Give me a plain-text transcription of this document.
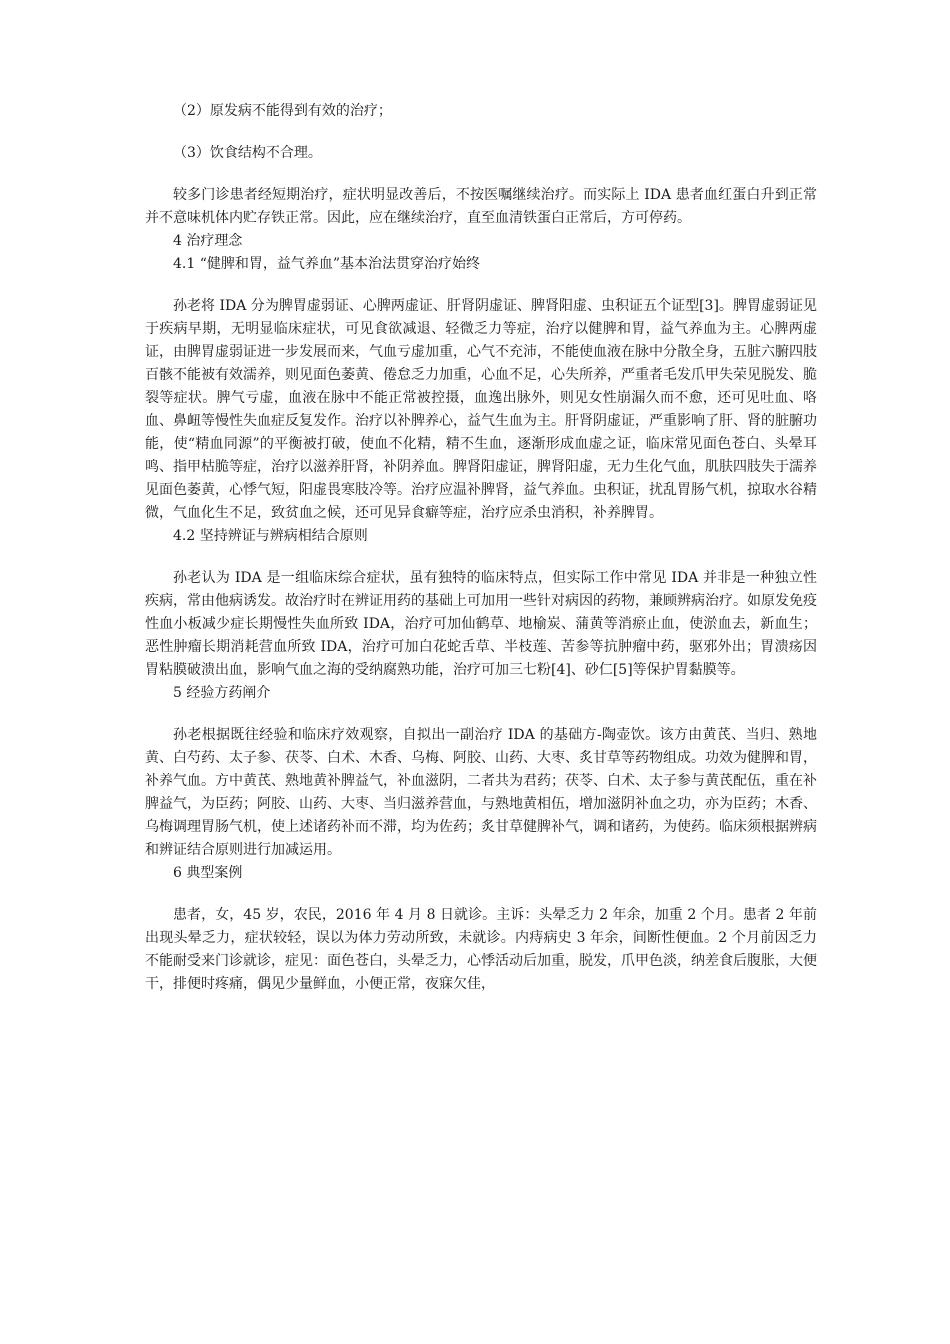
（2）原发病不能得到有效的治疗；

（3）饮食结构不合理。

较多门诊患者经短期治疗，症状明显改善后，不按医嘱继续治疗。而实际上 IDA 患者血红蛋白升到正常并不意味机体内贮存铁正常。因此，应在继续治疗，直至血清铁蛋白正常后，方可停药。

4 治疗理念

4.1 “健脾和胃，益气养血”基本治法贯穿治疗始终

孙老将 IDA 分为脾胃虚弱证、心脾两虚证、肝肾阴虚证、脾肾阳虚、虫积证五个证型[3]。脾胃虚弱证见于疾病早期，无明显临床症状，可见食欲减退、轻微乏力等症，治疗以健脾和胃，益气养血为主。心脾两虚证，由脾胃虚弱证进一步发展而来，气血亏虚加重，心气不充沛，不能使血液在脉中分散全身，五脏六腑四肢百骸不能被有效濡养，则见面色萎黄、倦怠乏力加重，心血不足，心失所养，严重者毛发爪甲失荣见脱发、脆裂等症状。脾气亏虚，血液在脉中不能正常被控摄，血逸出脉外，则见女性崩漏久而不愈，还可见吐血、咯血、鼻衄等慢性失血症反复发作。治疗以补脾养心，益气生血为主。肝肾阴虚证，严重影响了肝、肾的脏腑功能，使“精血同源”的平衡被打破，使血不化精，精不生血，逐渐形成血虚之证，临床常见面色苍白、头晕耳鸣、指甲枯脆等症，治疗以滋养肝肾，补阴养血。脾肾阳虚证，脾肾阳虚，无力生化气血，肌肤四肢失于濡养见面色萎黄，心悸气短，阳虚畏寒肢冷等。治疗应温补脾肾，益气养血。虫积证，扰乱胃肠气机，掠取水谷精微，气血化生不足，致贫血之候，还可见异食癖等症，治疗应杀虫消积，补养脾胃。

4.2 坚持辨证与辨病相结合原则

孙老认为 IDA 是一组临床综合症状，虽有独特的临床特点，但实际工作中常见 IDA 并非是一种独立性疾病，常由他病诱发。故治疗时在辨证用药的基础上可加用一些针对病因的药物，兼顾辨病治疗。如原发免疫性血小板减少症长期慢性失血所致 IDA，治疗可加仙鹤草、地榆炭、蒲黄等消瘀止血，使淤血去，新血生；恶性肿瘤长期消耗营血所致 IDA，治疗可加白花蛇舌草、半枝莲、苦参等抗肿瘤中药，驱邪外出；胃溃疡因胃粘膜破溃出血，影响气血之海的受纳腐熟功能，治疗可加三七粉[4]、砂仁[5]等保护胃黏膜等。

5 经验方药阐介

孙老根据既往经验和临床疗效观察，自拟出一副治疗 IDA 的基础方-陶壶饮。该方由黄芪、当归、熟地黄、白芍药、太子参、茯苓、白术、木香、乌梅、阿胶、山药、大枣、炙甘草等药物组成。功效为健脾和胃，补养气血。方中黄芪、熟地黄补脾益气，补血滋阴，二者共为君药；茯苓、白术、太子参与黄芪配伍，重在补脾益气，为臣药；阿胶、山药、大枣、当归滋养营血，与熟地黄相伍，增加滋阴补血之功，亦为臣药；木香、乌梅调理胃肠气机，使上述诸药补而不滞，均为佐药；炙甘草健脾补气，调和诸药，为使药。临床须根据辨病和辨证结合原则进行加减运用。

6 典型案例

患者，女，45 岁，农民，2016 年 4 月 8 日就诊。主诉：头晕乏力 2 年余，加重 2 个月。患者 2 年前出现头晕乏力，症状较轻，误以为体力劳动所致，未就诊。内痔病史 3 年余，间断性便血。2 个月前因乏力不能耐受来门诊就诊，症见：面色苍白，头晕乏力，心悸活动后加重，脱发，爪甲色淡，纳差食后腹胀，大便干，排便时疼痛，偶见少量鲜血，小便正常，夜寐欠佳，
